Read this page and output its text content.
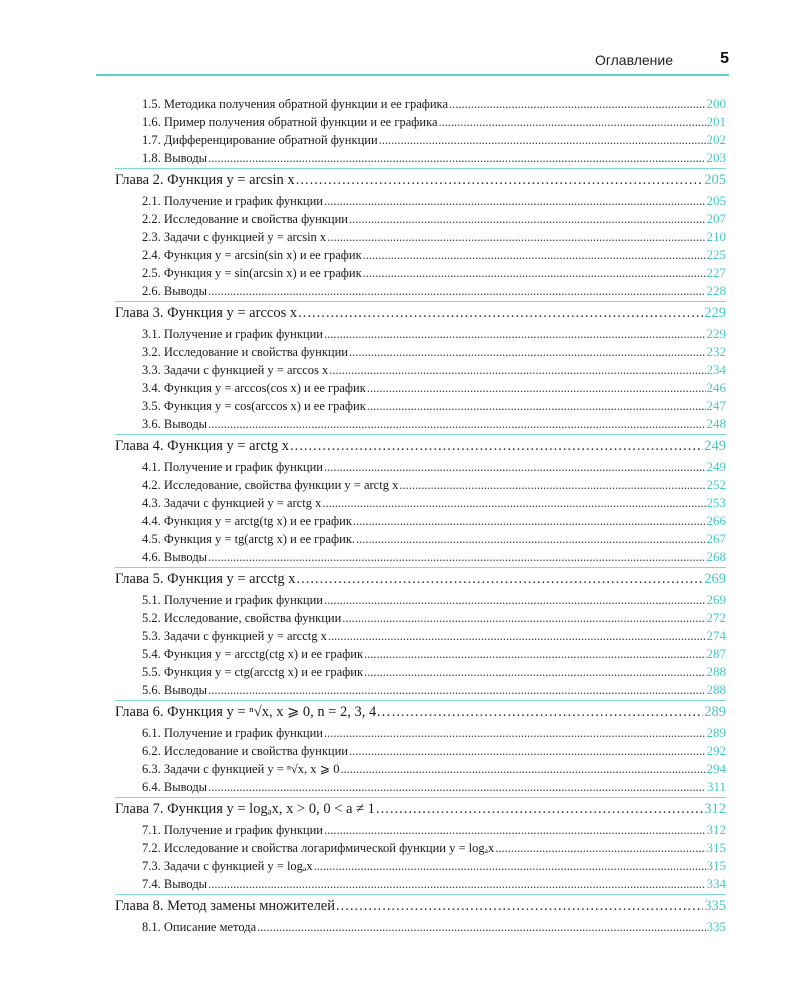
Оглавление	5
1.5. Методика получения обратной функции и ее графика .....	200
1.6. Пример получения обратной функции и ее графика .....	201
1.7. Дифференцирование обратной функции .....	202
1.8. Выводы .....	203
Глава 2. Функция y = arcsin x .....	205
2.1. Получение и график функции .....	205
2.2. Исследование и свойства функции .....	207
2.3. Задачи с функцией y = arcsin x .....	210
2.4. Функция y = arcsin(sin x) и ее график .....	225
2.5. Функция y = sin(arcsin x) и ее график .....	227
2.6. Выводы .....	228
Глава 3. Функция y = arccos x .....	229
3.1. Получение и график функции .....	229
3.2. Исследование и свойства функции .....	232
3.3. Задачи с функцией y = arccos x .....	234
3.4. Функция y = arccos(cos x) и ее график .....	246
3.5. Функция y = cos(arccos x) и ее график .....	247
3.6. Выводы .....	248
Глава 4. Функция y = arctg x .....	249
4.1. Получение и график функции .....	249
4.2. Исследование, свойства функции y = arctg x .....	252
4.3. Задачи с функцией y = arctg x .....	253
4.4. Функция y = arctg(tg x) и ее график .....	266
4.5. Функция y = tg(arctg x) и ее график. .....	267
4.6. Выводы .....	268
Глава 5. Функция y = arcctg x .....	269
5.1. Получение и график функции .....	269
5.2. Исследование, свойства функции .....	272
5.3. Задачи с функцией y = arcctg x .....	274
5.4. Функция y = arcctg(ctg x) и ее график .....	287
5.5. Функция y = ctg(arcctg x) и ее график .....	288
5.6. Выводы .....	288
Глава 6. Функция y = ⁿ√x, x ⩾ 0, n = 2, 3, 4… .....	289
6.1. Получение и график функции .....	289
6.2. Исследование и свойства функции .....	292
6.3. Задачи с функцией y = ⁿ√x, x ⩾ 0 .....	294
6.4. Выводы .....	311
Глава 7. Функция y = logₐx, x > 0, 0 < a ≠ 1 .....	312
7.1. Получение и график функции .....	312
7.2. Исследование и свойства логарифмической функции y = logₐx .....	315
7.3. Задачи с функцией y = logₐx .....	315
7.4. Выводы .....	334
Глава 8. Метод замены множителей .....	335
8.1. Описание метода .....	335
